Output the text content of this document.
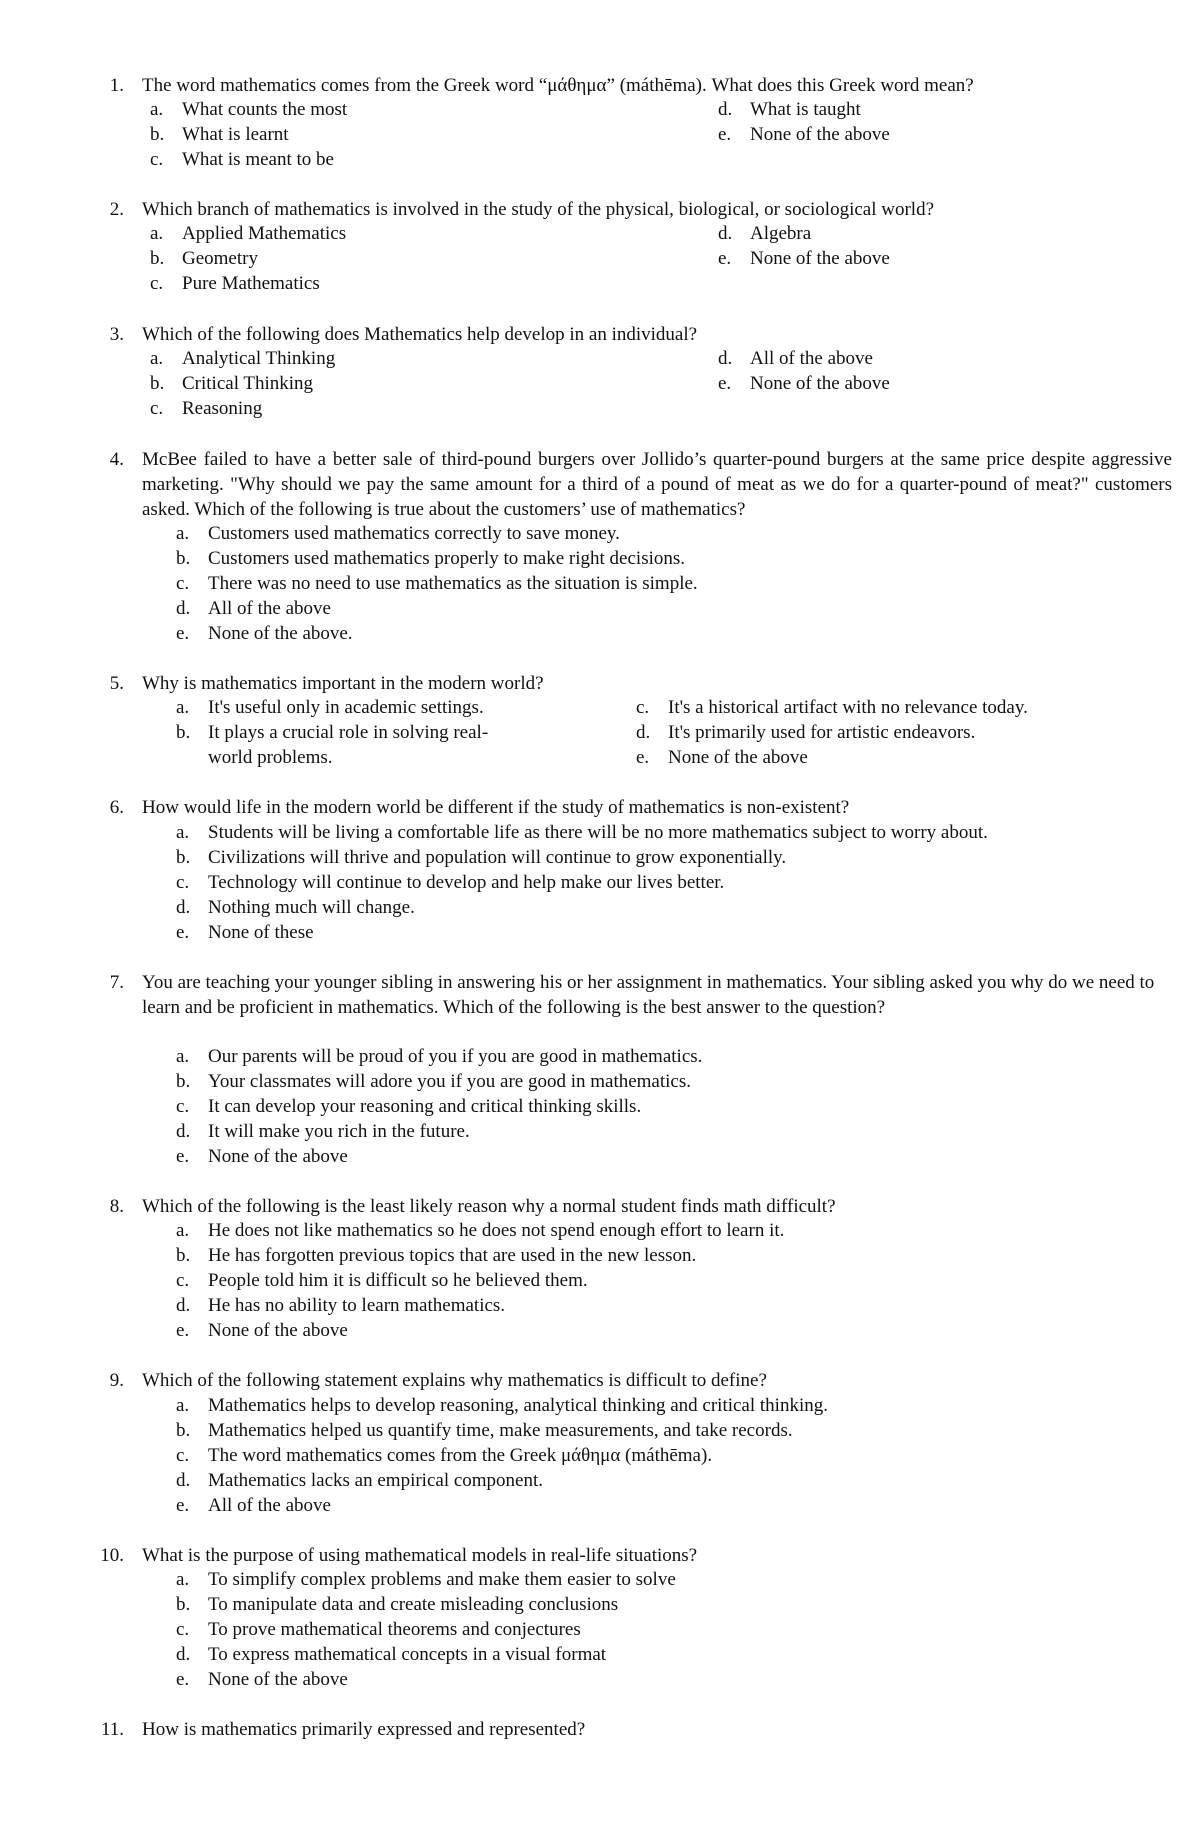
1. The word mathematics comes from the Greek word “μάθημα” (máthēma). What does this Greek word mean?
a. What counts the most
b. What is learnt
c. What is meant to be
d. What is taught
e. None of the above
2. Which branch of mathematics is involved in the study of the physical, biological, or sociological world?
a. Applied Mathematics
b. Geometry
c. Pure Mathematics
d. Algebra
e. None of the above
3. Which of the following does Mathematics help develop in an individual?
a. Analytical Thinking
b. Critical Thinking
c. Reasoning
d. All of the above
e. None of the above
4. McBee failed to have a better sale of third-pound burgers over Jollido’s quarter-pound burgers at the same price despite aggressive marketing. "Why should we pay the same amount for a third of a pound of meat as we do for a quarter-pound of meat?" customers asked. Which of the following is true about the customers’ use of mathematics?
a. Customers used mathematics correctly to save money.
b. Customers used mathematics properly to make right decisions.
c. There was no need to use mathematics as the situation is simple.
d. All of the above
e. None of the above.
5. Why is mathematics important in the modern world?
a. It's useful only in academic settings.
b. It plays a crucial role in solving real-world problems.
c. It's a historical artifact with no relevance today.
d. It's primarily used for artistic endeavors.
e. None of the above
6. How would life in the modern world be different if the study of mathematics is non-existent?
a. Students will be living a comfortable life as there will be no more mathematics subject to worry about.
b. Civilizations will thrive and population will continue to grow exponentially.
c. Technology will continue to develop and help make our lives better.
d. Nothing much will change.
e. None of these
7. You are teaching your younger sibling in answering his or her assignment in mathematics. Your sibling asked you why do we need to learn and be proficient in mathematics. Which of the following is the best answer to the question?
a. Our parents will be proud of you if you are good in mathematics.
b. Your classmates will adore you if you are good in mathematics.
c. It can develop your reasoning and critical thinking skills.
d. It will make you rich in the future.
e. None of the above
8. Which of the following is the least likely reason why a normal student finds math difficult?
a. He does not like mathematics so he does not spend enough effort to learn it.
b. He has forgotten previous topics that are used in the new lesson.
c. People told him it is difficult so he believed them.
d. He has no ability to learn mathematics.
e. None of the above
9. Which of the following statement explains why mathematics is difficult to define?
a. Mathematics helps to develop reasoning, analytical thinking and critical thinking.
b. Mathematics helped us quantify time, make measurements, and take records.
c. The word mathematics comes from the Greek μάθημα (máthēma).
d. Mathematics lacks an empirical component.
e. All of the above
10. What is the purpose of using mathematical models in real-life situations?
a. To simplify complex problems and make them easier to solve
b. To manipulate data and create misleading conclusions
c. To prove mathematical theorems and conjectures
d. To express mathematical concepts in a visual format
e. None of the above
11. How is mathematics primarily expressed and represented?
